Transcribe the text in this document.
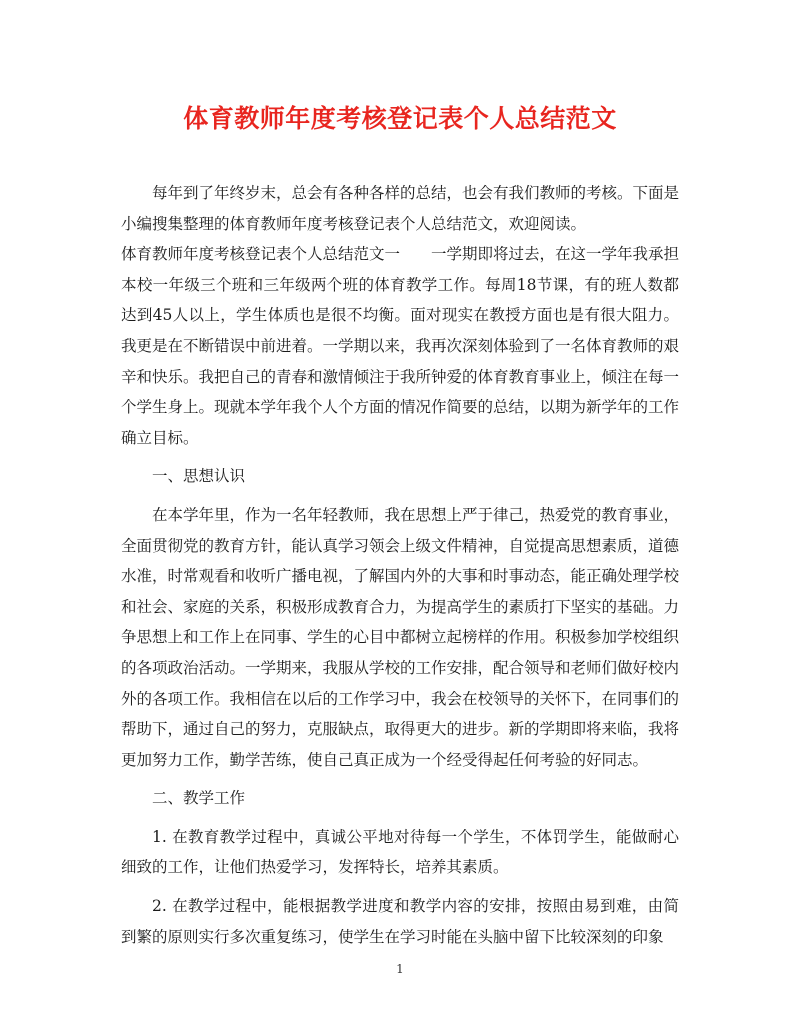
体育教师年度考核登记表个人总结范文

每年到了年终岁末，总会有各种各样的总结，也会有我们教师的考核。下面是小编搜集整理的体育教师年度考核登记表个人总结范文，欢迎阅读。

体育教师年度考核登记表个人总结范文一　　一学期即将过去，在这一学年我承担本校一年级三个班和三年级两个班的体育教学工作。每周18节课，有的班人数都达到45人以上，学生体质也是很不均衡。面对现实在教授方面也是有很大阻力。我更是在不断错误中前进着。一学期以来，我再次深刻体验到了一名体育教师的艰辛和快乐。我把自己的青春和激情倾注于我所钟爱的体育教育事业上，倾注在每一个学生身上。现就本学年我个人个方面的情况作简要的总结，以期为新学年的工作确立目标。

一、思想认识

在本学年里，作为一名年轻教师，我在思想上严于律己，热爱党的教育事业，全面贯彻党的教育方针，能认真学习领会上级文件精神，自觉提高思想素质，道德水准，时常观看和收听广播电视，了解国内外的大事和时事动态，能正确处理学校和社会、家庭的关系，积极形成教育合力，为提高学生的素质打下坚实的基础。力争思想上和工作上在同事、学生的心目中都树立起榜样的作用。积极参加学校组织的各项政治活动。一学期来，我服从学校的工作安排，配合领导和老师们做好校内外的各项工作。我相信在以后的工作学习中，我会在校领导的关怀下，在同事们的帮助下，通过自己的努力，克服缺点，取得更大的进步。新的学期即将来临，我将更加努力工作，勤学苦练，使自己真正成为一个经受得起任何考验的好同志。

二、教学工作

1. 在教育教学过程中，真诚公平地对待每一个学生，不体罚学生，能做耐心细致的工作，让他们热爱学习，发挥特长，培养其素质。

2. 在教学过程中，能根据教学进度和教学内容的安排，按照由易到难，由简到繁的原则实行多次重复练习，使学生在学习时能在头脑中留下比较深刻的印象

1
